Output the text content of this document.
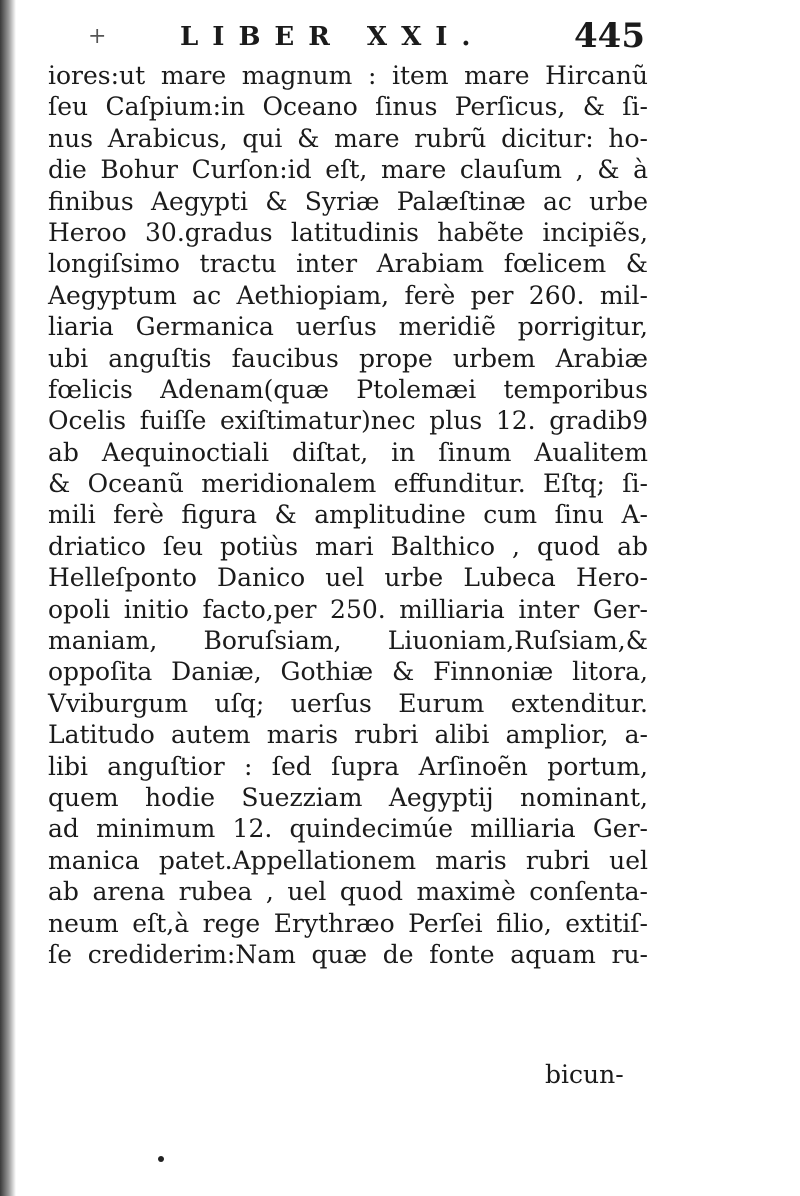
+	LIBER XXI.	445
iores:ut mare magnum : item mare Hircanũ
ſeu Caſpium:in Oceano ſinus Perſicus, & ſi-
nus Arabicus, qui & mare rubrũ dicitur: ho-
die Bohur Curſon:id eſt, mare clauſum , & à
finibus Aegypti & Syriæ Palæſtinæ ac urbe
Heroo 30.gradus latitudinis habẽte incipiẽs,
longiſsimo tractu inter Arabiam fœlicem &
Aegyptum ac Aethiopiam, ferè per 260. mil-
liaria Germanica uerſus meridiẽ porrigitur,
ubi anguſtis faucibus prope urbem Arabiæ
fœlicis Adenam(quæ Ptolemæi temporibus
Ocelis fuiſſe exiſtimatur)nec plus 12. gradib9
ab Aequinoctiali diſtat, in ſinum Aualitem
& Oceanũ meridionalem effunditur. Eſtq; ſi-
mili ferè figura & amplitudine cum ſinu A-
driatico ſeu potiùs mari Balthico , quod ab
Helleſponto Danico uel urbe Lubeca Hero-
opoli initio facto,per 250. milliaria inter Ger-
maniam, Boruſsiam, Liuoniam,Ruſsiam,&
oppoſita Daniæ, Gothiæ & Finnoniæ litora,
Vviburgum uſq; uerſus Eurum extenditur.
Latitudo autem maris rubri alibi amplior, a-
libi anguſtior : ſed ſupra Arſinoẽn portum,
quem hodie Suezziam Aegyptij nominant,
ad minimum 12. quindecimúe milliaria Ger-
manica patet.Appellationem maris rubri uel
ab arena rubea , uel quod maximè conſenta-
neum eſt,à rege Erythræo Perſei filio, extitiſ-
ſe crediderim:Nam quæ de fonte aquam ru-
bicun-
